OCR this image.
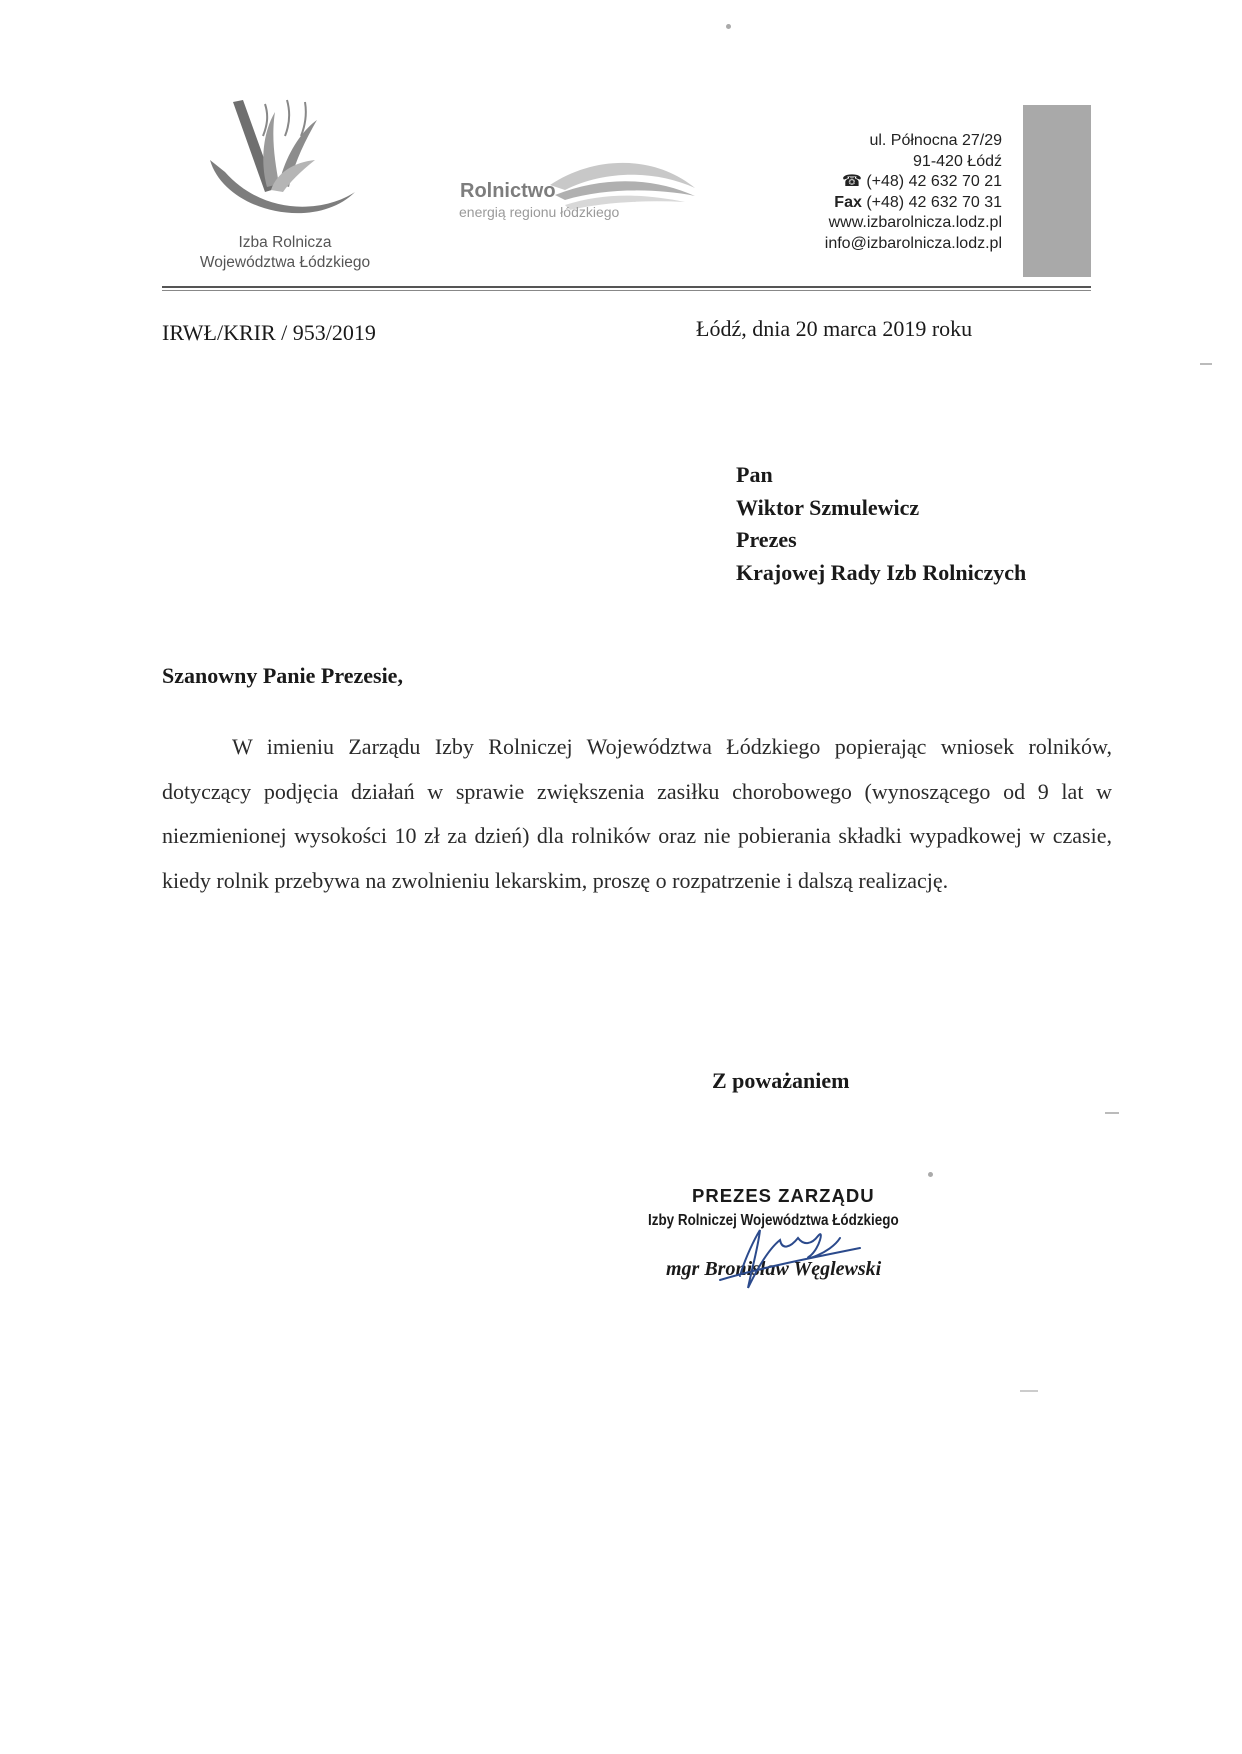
Izba Rolnicza
Województwa Łódzkiego
Rolnictwo
energią regionu łódzkiego
ul. Północna 27/29
91-420 Łódź
☎ (+48) 42 632 70 21
Fax (+48) 42 632 70 31
www.izbarolnicza.lodz.pl
info@izbarolnicza.lodz.pl
IRWŁ/KRIR / 953/2019	Łódź, dnia 20 marca 2019 roku
Pan
Wiktor Szmulewicz
Prezes
Krajowej Rady Izb Rolniczych
Szanowny Panie Prezesie,

W imieniu Zarządu Izby Rolniczej Województwa Łódzkiego popierając wniosek rolników, dotyczący podjęcia działań w sprawie zwiększenia zasiłku chorobowego (wynoszącego od 9 lat w niezmienionej wysokości 10 zł za dzień) dla rolników oraz nie pobierania składki wypadkowej w czasie, kiedy rolnik przebywa na zwolnieniu lekarskim, proszę o rozpatrzenie i dalszą realizację.

Z poważaniem
PREZES ZARZĄDU
Izby Rolniczej Województwa Łódzkiego
mgr Bronisław Węglewski
